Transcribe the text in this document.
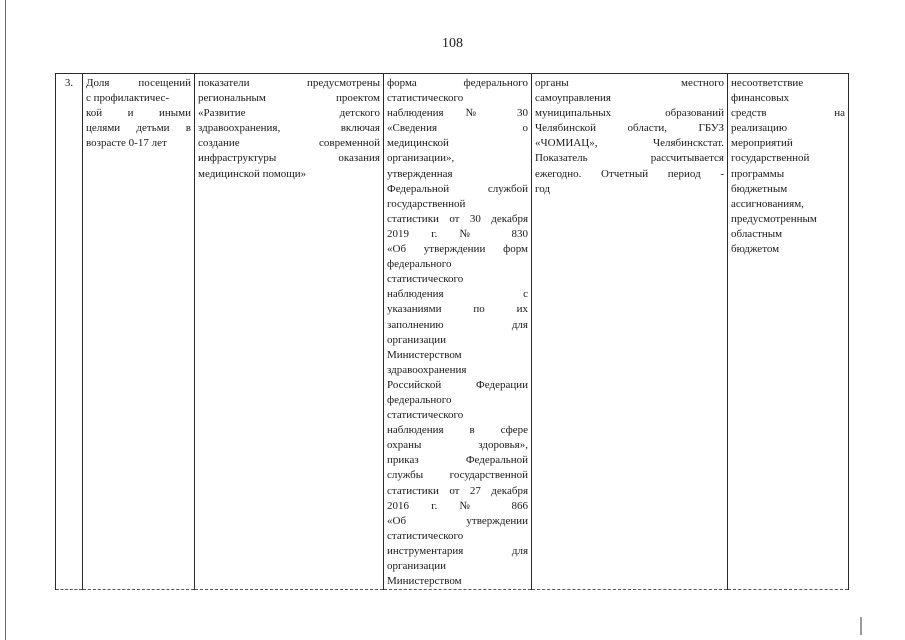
108
3.	Доля посещений
с профилактичес-
кой и иными
целями детьми в
возрасте 0-17 лет

показатели предусмотрены
региональным проектом
«Развитие детского
здравоохранения, включая
создание современной
инфраструктуры оказания
медицинской помощи»

форма федерального
статистического
наблюдения № 30
«Сведения о
медицинской
организации»,
утвержденная
Федеральной службой
государственной
статистики от 30 декабря
2019 г. № 830
«Об утверждении форм
федерального
статистического
наблюдения с
указаниями по их
заполнению для
организации
Министерством
здравоохранения
Российской Федерации
федерального
статистического
наблюдения в сфере
охраны здоровья»,
приказ Федеральной
службы государственной
статистики от 27 декабря
2016 г. № 866
«Об утверждении
статистического
инструментария для
организации
Министерством

органы местного
самоуправления
муниципальных образований
Челябинской области, ГБУЗ
«ЧОМИАЦ», Челябинскстат.
Показатель рассчитывается
ежегодно. Отчетный период -
год

несоответствие
финансовых
средств на
реализацию
мероприятий
государственной
программы
бюджетным
ассигнованиям,
предусмотренным
областным
бюджетом
